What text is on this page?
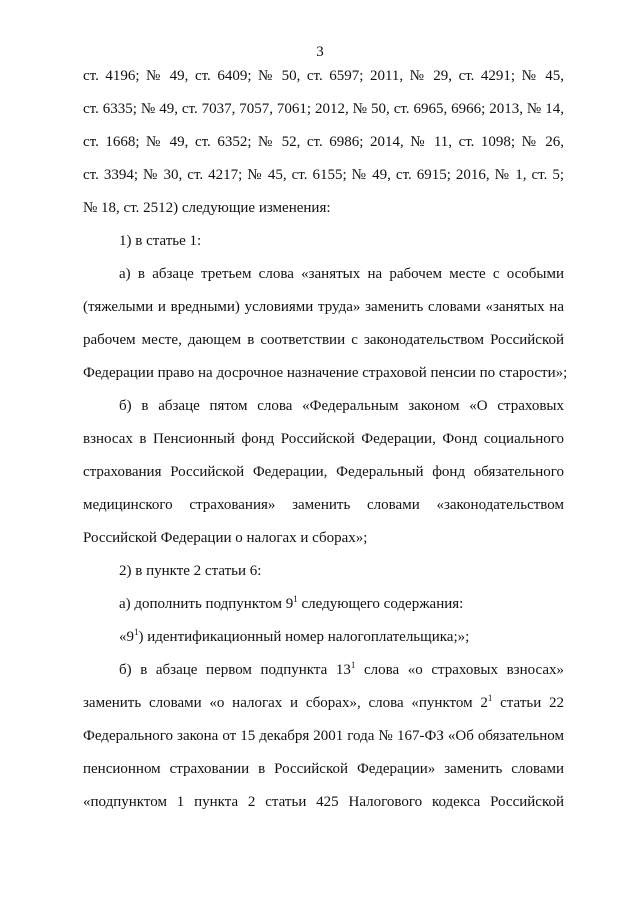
3
ст. 4196; № 49, ст. 6409; № 50, ст. 6597; 2011, № 29, ст. 4291; № 45,
ст. 6335; № 49, ст. 7037, 7057, 7061; 2012, № 50, ст. 6965, 6966; 2013, № 14,
ст. 1668; № 49, ст. 6352; № 52, ст. 6986; 2014, № 11, ст. 1098; № 26,
ст. 3394; № 30, ст. 4217; № 45, ст. 6155; № 49, ст. 6915; 2016, № 1, ст. 5;
№ 18, ст. 2512) следующие изменения:
1) в статье 1:
а) в абзаце третьем слова «занятых на рабочем месте с особыми
(тяжелыми и вредными) условиями труда» заменить словами «занятых на
рабочем месте, дающем в соответствии с законодательством Российской
Федерации право на досрочное назначение страховой пенсии по старости»;
б) в абзаце пятом слова «Федеральным законом «О страховых
взносах в Пенсионный фонд Российской Федерации, Фонд социального
страхования Российской Федерации, Федеральный фонд обязательного
медицинского страхования» заменить словами «законодательством
Российской Федерации о налогах и сборах»;
2) в пункте 2 статьи 6:
а) дополнить подпунктом $9^1$ следующего содержания:
«$9^1$) идентификационный номер налогоплательщика;»;
б) в абзаце первом подпункта $13^1$ слова «о страховых взносах»
заменить словами «о налогах и сборах», слова «пунктом $2^1$ статьи 22
Федерального закона от 15 декабря 2001 года № 167-ФЗ «Об обязательном
пенсионном страховании в Российской Федерации» заменить словами
«подпунктом 1 пункта 2 статьи 425 Налогового кодекса Российской
